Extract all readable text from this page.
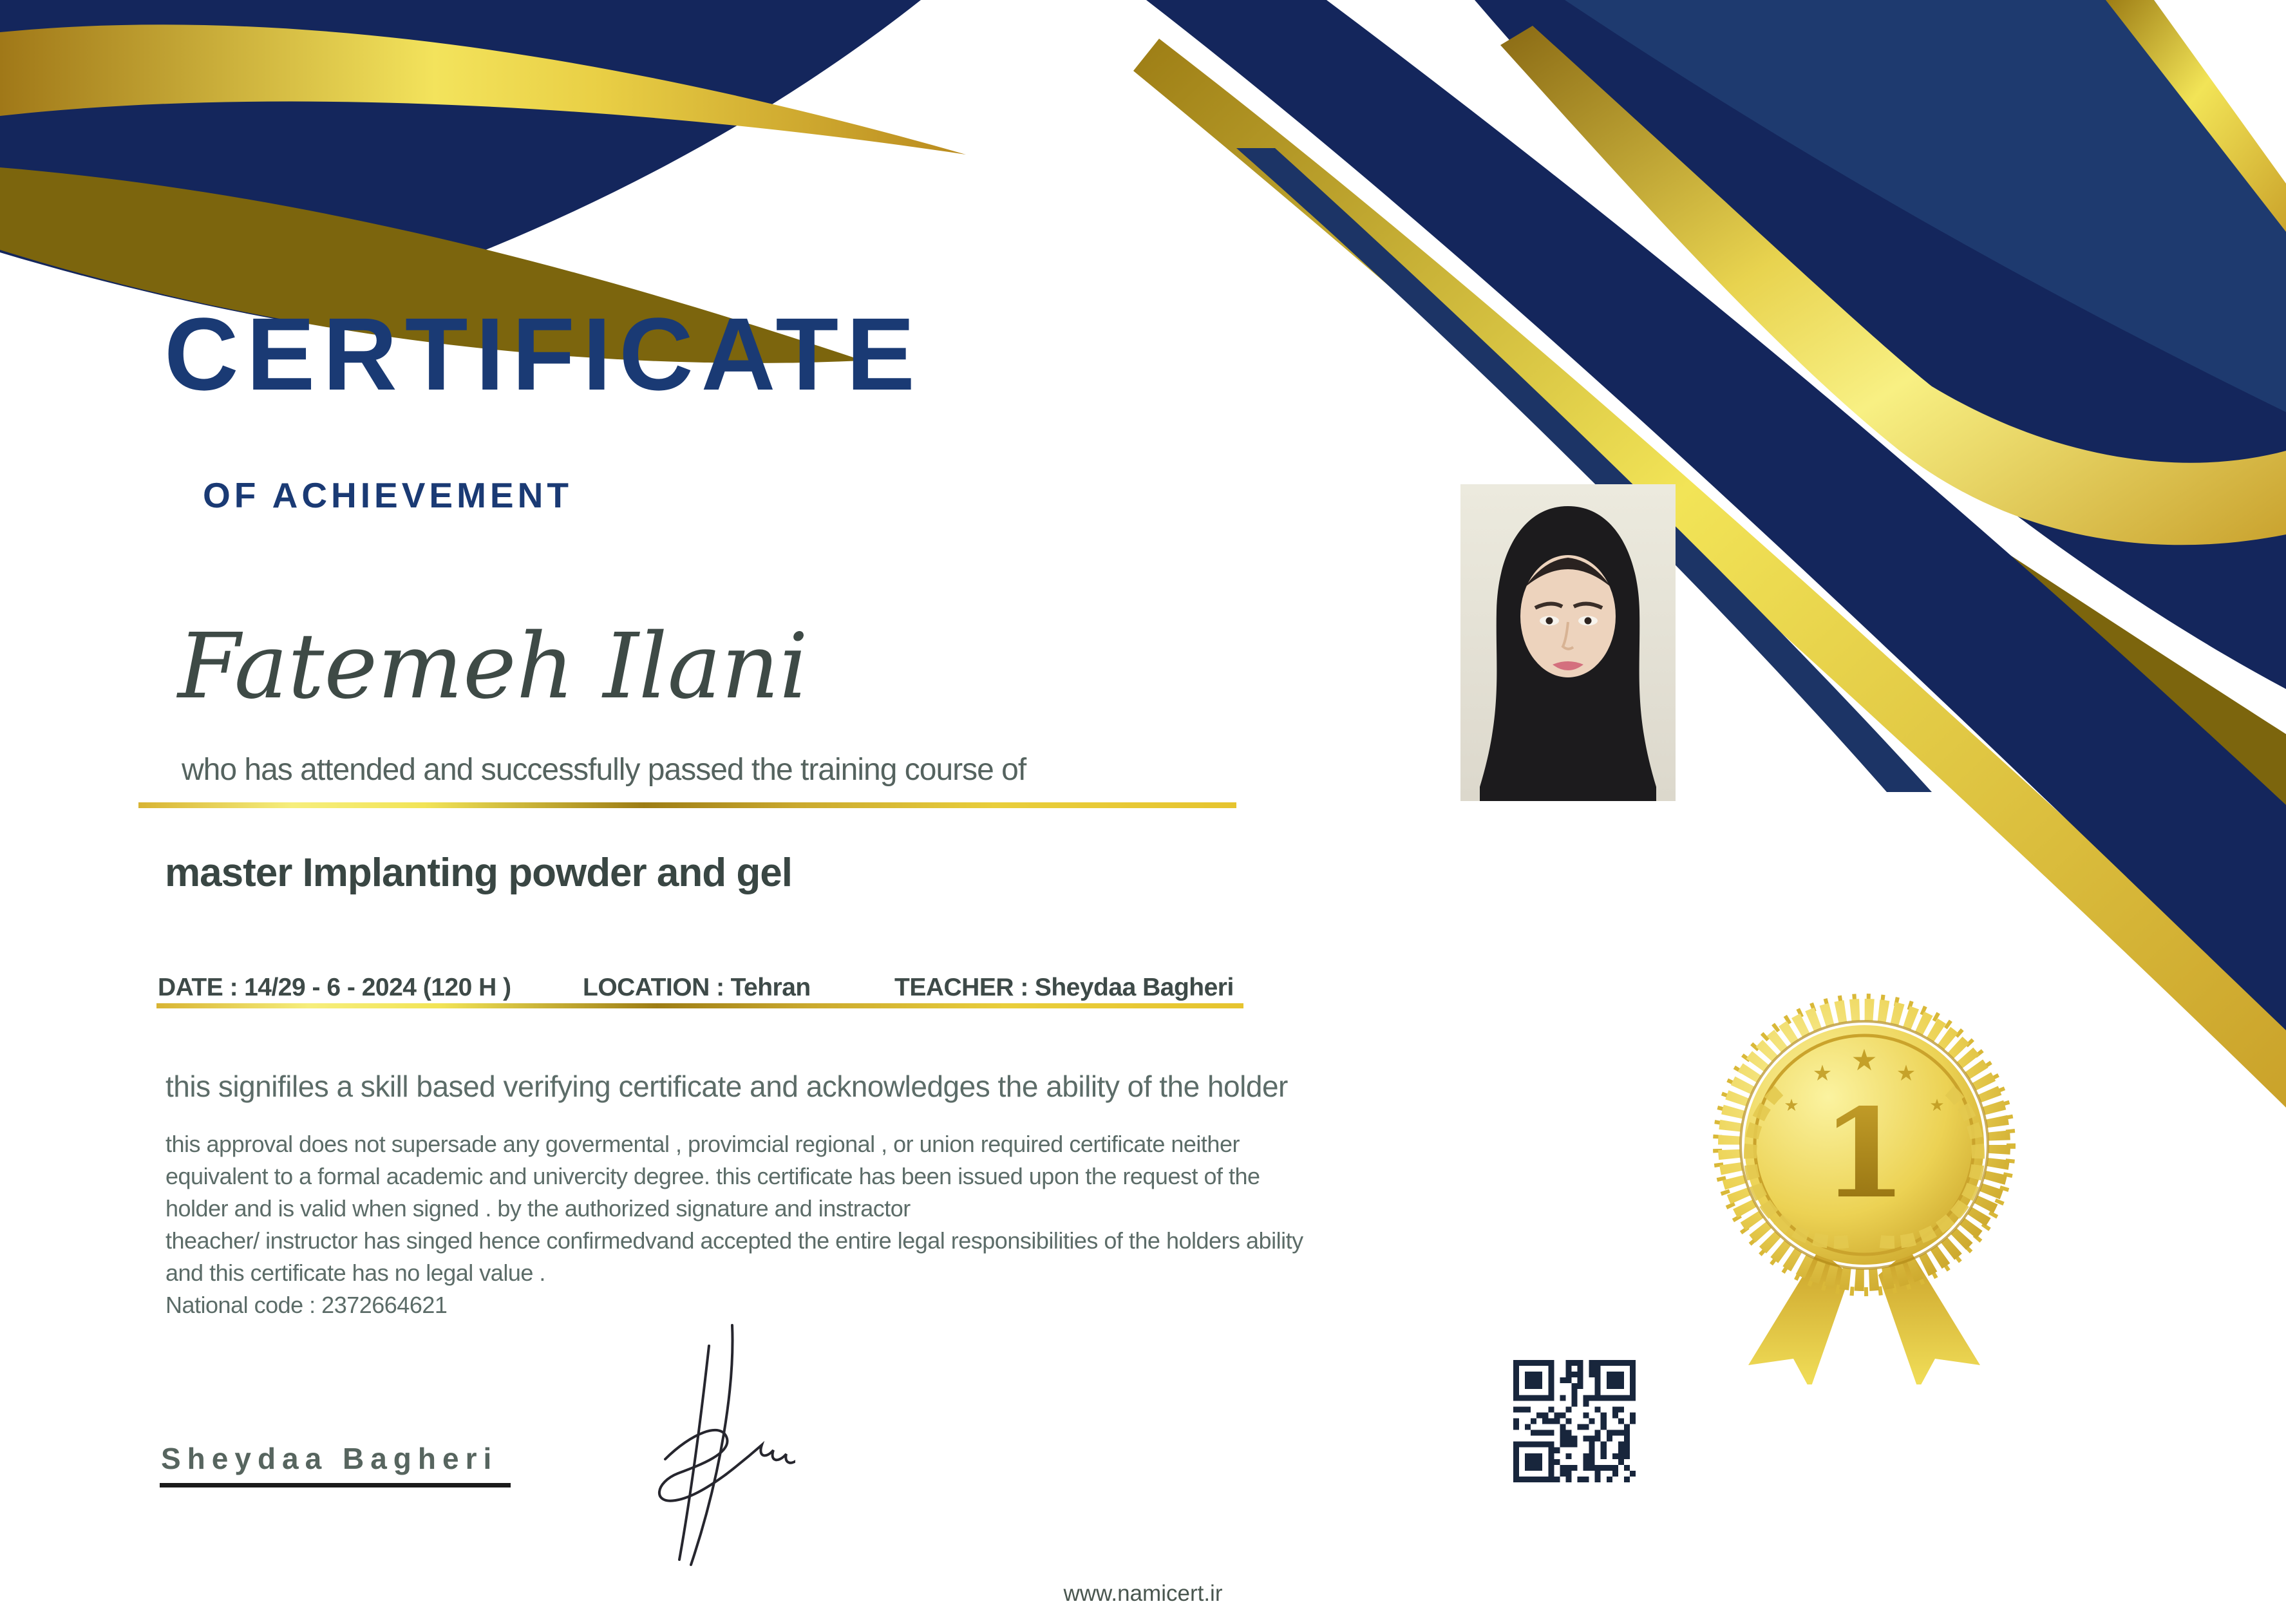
CERTIFICATE
OF ACHIEVEMENT
Fatemeh Ilani
who has attended and successfully passed the training course of
master Implanting powder and gel
DATE : 14/29 - 6 - 2024 (120 H )	LOCATION : Tehran	TEACHER : Sheydaa Bagheri
this signifiles a skill based verifying certificate and acknowledges the ability of the holder
this approval does not supersade any govermental , provimcial regional , or union required certificate neither
equivalent to a formal academic and univercity degree. this certificate has been issued upon the request of the
holder and is valid when signed . by the authorized signature and instractor
theacher/ instructor has singed hence confirmedvand accepted the entire legal responsibilities of the holders ability
and this certificate has no legal value .
National code : 2372664621
Sheydaa Bagheri
★
★ ★ ★
★
1
www.namicert.ir
